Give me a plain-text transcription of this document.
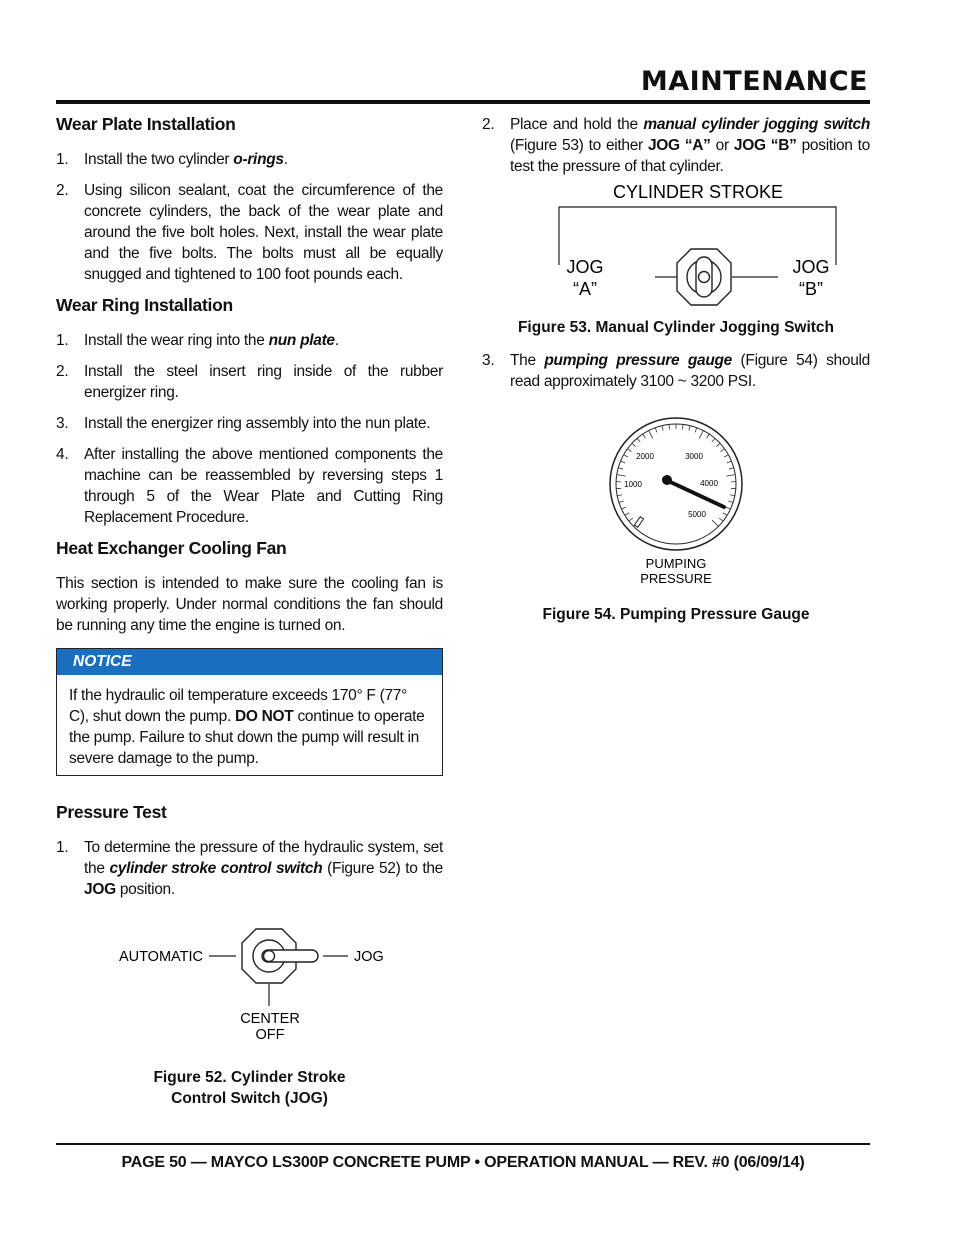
MAINTENANCE
Wear Plate Installation
1.	Install the two cylinder o-rings.
2.	Using silicon sealant, coat the circumference of the concrete cylinders, the back of the wear plate and around the five bolt holes. Next, install the wear plate and the five bolts. The bolts must all be equally snugged and tightened to 100 foot pounds each.
Wear Ring Installation
1.	Install the wear ring into the nun plate.
2.	Install the steel insert ring inside of the rubber energizer ring.
3.	Install the energizer ring assembly into the nun plate.
4.	After installing the above mentioned components the machine can be reassembled by reversing steps 1 through 5 of the Wear Plate and Cutting Ring Replacement Procedure.
Heat Exchanger Cooling Fan

This section is intended to make sure the cooling fan is working properly. Under normal conditions the fan should be running any time the engine is turned on.

NOTICE
If the hydraulic oil temperature exceeds 170° F (77° C), shut down the pump. DO NOT continue to operate the pump. Failure to shut down the pump will result in severe damage to the pump.
Pressure Test
1.	To determine the pressure of the hydraulic system, set the cylinder stroke control switch (Figure 52) to the JOG position.
AUTOMATIC	JOG
CENTER
OFF
Figure 52. Cylinder Stroke
Control Switch (JOG)
2.	Place and hold the manual cylinder jogging switch (Figure 53) to either JOG “A” or JOG “B” position to test the pressure of that cylinder.
CYLINDER STROKE
JOG
“A”
JOG
“B”
Figure 53. Manual Cylinder Jogging Switch
3.	The pumping pressure gauge (Figure 54) should read approximately 3100 ~ 3200 PSI.
2000	3000
1000	4000
5000
PUMPING
PRESSURE
Figure 54. Pumping Pressure Gauge
PAGE 50 — MAYCO LS300P CONCRETE PUMP • OPERATION MANUAL — REV. #0 (06/09/14)
